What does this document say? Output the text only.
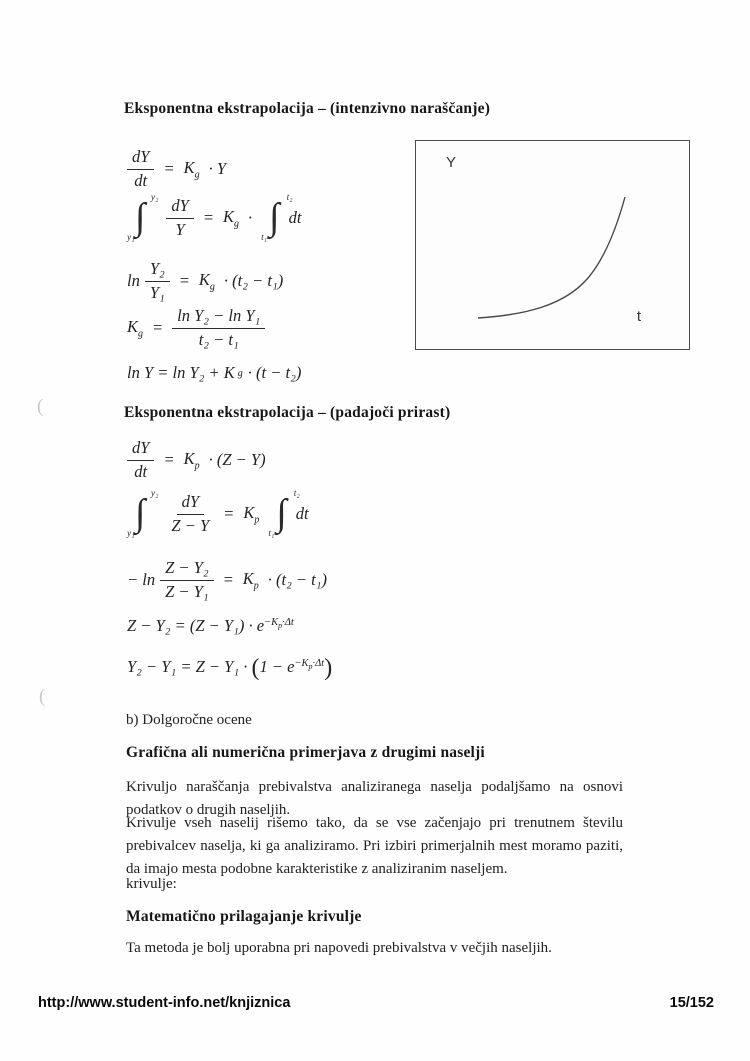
Eksponentna ekstrapolacija – (intenzivno naraščanje)
$\frac{dY}{dt} = K_g \cdot Y$
y₂
∫
$y_1 \frac{dY}{Y} = K_g$ ·
t₂
∫
t₁
dt
$\ln \frac{\text{Y₂}}{\text{Y₁}} = K_g \cdot (t_2 - t_1)$
$K_g = \frac{\text{ln Y₂ − ln Y₁}}{\text{t₂ − t₁}}$
ln Y = ln Y₂ + K g · (t − t₂)
Y
t
Eksponentna ekstrapolacija – (padajoči prirast)
$\frac{dY}{dt} = K_p \cdot (Z - Y)$
y₂
∫
$y_1 \frac{dY}{Z - Y} = K_p$
t₂
∫
t₁
dt
− $\ln \frac{\text{Z − Y₂}}{\text{Z − Y₁}} = K_p \cdot (t_2 - t_1)$
$Z - Y_2 = (Z - Y_1) \cdot e^{-K_p\cdot\Delta t}$
$Y_2 - Y_1 = Z - Y_1 \cdot (1 - e^{-K_p\cdot\Delta t})$
b) Dolgoročne ocene
Grafična ali numerična primerjava z drugimi naselji
Krivuljo naraščanja prebivalstva analiziranega naselja podaljšamo na osnovi podatkov o drugih naseljih.
Krivulje vseh naselij rišemo tako, da se vse začenjajo pri trenutnem številu prebivalcev naselja, ki ga analiziramo. Pri izbiri primerjalnih mest moramo paziti, da imajo mesta podobne karakteristike z analiziranim naseljem.
krivulje:
Matematično prilagajanje krivulje
Ta metoda je bolj uporabna pri napovedi prebivalstva v večjih naseljih.
(
(
http://www.student-info.net/knjiznica	15/152
